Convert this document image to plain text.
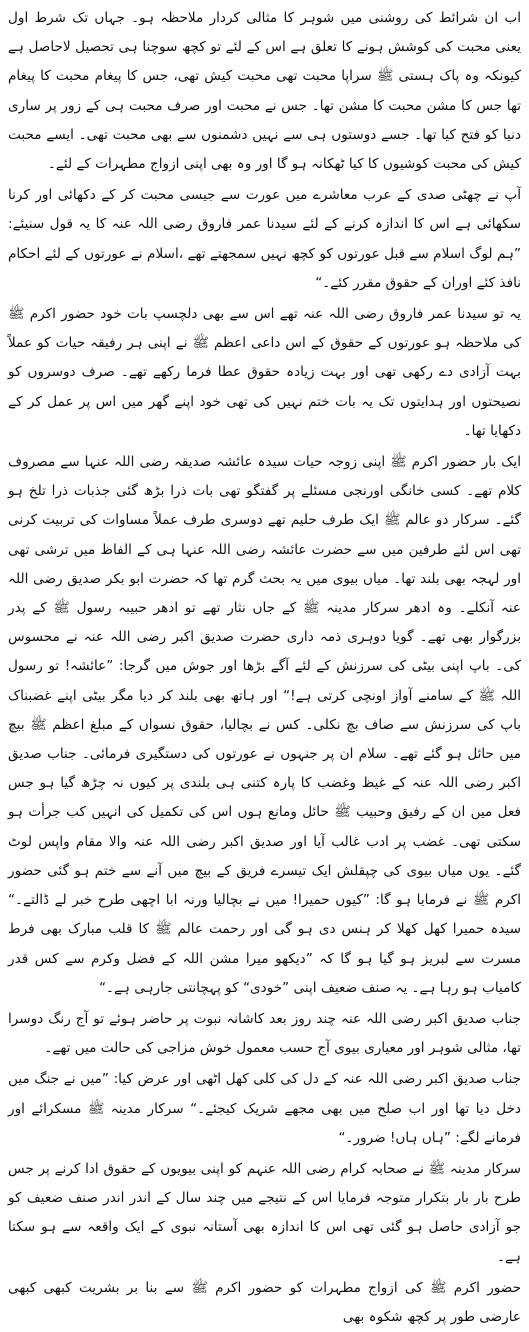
اب ان شرائط کی روشنی میں شوہر کا مثالی کردار ملاحظہ ہو۔ جہاں تک شرط اول یعنی محبت کی کوشش ہونے کا تعلق ہے اس کے لئے تو کچھ سوچنا ہی تحصیل لاحاصل ہے کیونکہ وہ پاک ہستی ﷺ سراپا محبت تھی محبت کیش تھی، جس کا پیغام محبت کا پیغام تھا جس کا مشن محبت کا مشن تھا۔ جس نے محبت اور صرف محبت ہی کے زور پر ساری دنیا کو فتح کیا تھا۔ جسے دوستوں ہی سے نہیں دشمنوں سے بھی محبت تھی۔ ایسے محبت کیش کی محبت کوشیوں کا کیا ٹھکانہ ہو گا اور وہ بھی اپنی ازواج مطہرات کے لئے۔

آپ نے چھٹی صدی کے عرب معاشرے میں عورت سے جیسی محبت کر کے دکھائی اور کرنا سکھائی ہے اس کا اندازہ کرنے کے لئے سیدنا عمر فاروق رضی اللہ عنہ کا یہ قول سنیئے: ”ہم لوگ اسلام سے قبل عورتوں کو کچھ نہیں سمجھتے تھے ،اسلام نے عورتوں کے لئے احکام نافذ کئے اوران کے حقوق مقرر کئے۔“

یہ تو سیدنا عمر فاروق رضی اللہ عنہ تھے اس سے بھی دلچسپ بات خود حضور اکرم ﷺ کی ملاحظہ ہو عورتوں کے حقوق کے اس داعی اعظم ﷺ نے اپنی ہر رفیقہ حیات کو عملاً بہت آزادی دے رکھی تھی اور بہت زیادہ حقوق عطا فرما رکھے تھے۔ صرف دوسروں کو نصیحتوں اور ہدایتوں تک یہ بات ختم نہیں کی تھی خود اپنے گھر میں اس پر عمل کر کے دکھایا تھا۔

ایک بار حضور اکرم ﷺ اپنی زوجہ حیات سیدہ عائشہ صدیقہ رضی اللہ عنہا سے مصروف کلام تھے۔ کسی خانگی اورنجی مسئلے پر گفتگو تھی بات ذرا بڑھ گئی جذبات ذرا تلخ ہو گئے۔ سرکار دو عالم ﷺ ایک طرف حلیم تھے دوسری طرف عملاً مساوات کی تربیت کرنی تھی اس لئے طرفین میں سے حضرت عائشہ رضی اللہ عنہا ہی کے الفاظ میں ترشی تھی اور لہجہ بھی بلند تھا۔ میاں بیوی میں یہ بحث گرم تھا کہ حضرت ابو بکر صدیق رضی اللہ عنہ آنکلے۔ وہ ادھر سرکار مدینہ ﷺ کے جاں نثار تھے تو ادھر حبیبہ رسول ﷺ کے پدر بزرگوار بھی تھے۔ گویا دوہری ذمہ داری حضرت صدیق اکبر رضی اللہ عنہ نے محسوس کی۔ باپ اپنی بیٹی کی سرزنش کے لئے آگے بڑھا اور جوش میں گرجا: ”عائشہ! تو رسول اللہ ﷺ کے سامنے آواز اونچی کرتی ہے!“ اور ہاتھ بھی بلند کر دیا مگر بیٹی اپنے غضبناک باپ کی سرزنش سے صاف بچ نکلی۔ کس نے بچالیا، حقوق نسواں کے مبلغ اعظم ﷺ بیچ میں حائل ہو گئے تھے۔ سلام ان پر جنہوں نے عورتوں کی دستگیری فرمائی۔ جناب صدیق اکبر رضی اللہ عنہ کے غیظ وغضب کا پارہ کتنی ہی بلندی پر کیوں نہ چڑھ گیا ہو جس فعل میں ان کے رفیق وحبیب ﷺ حائل ومانع ہوں اس کی تکمیل کی انہیں کب جرأت ہو سکتی تھی۔ غضب پر ادب غالب آیا اور صدیق اکبر رضی اللہ عنہ والا مقام واپس لوٹ گئے۔ یوں میاں بیوی کی چپقلش ایک تیسرے فریق کے بیچ میں آنے سے ختم ہو گئی حضور اکرم ﷺ نے فرمایا ہو گا: ”کیوں حمیرا! میں نے بچالیا ورنہ ابا اچھی طرح خبر لے ڈالتے۔“ سیدہ حمیرا کھل کھلا کر ہنس دی ہو گی اور رحمت عالم ﷺ کا قلب مبارک بھی فرط مسرت سے لبریز ہو گیا ہو گا کہ ”دیکھو میرا مشن اللہ کے فضل وکرم سے کس قدر کامیاب ہو رہا ہے۔ یہ صنف ضعیف اپنی ”خودی“ کو پہچانتی جارہی ہے۔“

جناب صدیق اکبر رضی اللہ عنہ چند روز بعد کاشانہ نبوت پر حاضر ہوئے تو آج رنگ دوسرا تھا، مثالی شوہر اور معیاری بیوی آج حسب معمول خوش مزاجی کی حالت میں تھے۔

جناب صدیق اکبر رضی اللہ عنہ کے دل کی کلی کھل اٹھی اور عرض کیا: ”میں نے جنگ میں دخل دیا تھا اور اب صلح میں بھی مجھے شریک کیجئے۔“ سرکار مدینہ ﷺ مسکرائے اور فرمانے لگے: ”ہاں ہاں! ضرور۔“

سرکار مدینہ ﷺ نے صحابہ کرام رضی اللہ عنہم کو اپنی بیویوں کے حقوق ادا کرنے پر جس طرح بار بار بتکرار متوجہ فرمایا اس کے نتیجے میں چند سال کے اندر اندر صنف ضعیف کو جو آزادی حاصل ہو گئی تھی اس کا اندازہ بھی آستانہ نبوی کے ایک واقعہ سے ہو سکتا ہے۔

حضور اکرم ﷺ کی ازواج مطہرات کو حضور اکرم ﷺ سے بنا بر بشریت کبھی کبھی عارضی طور پر کچھ شکوہ بھی
